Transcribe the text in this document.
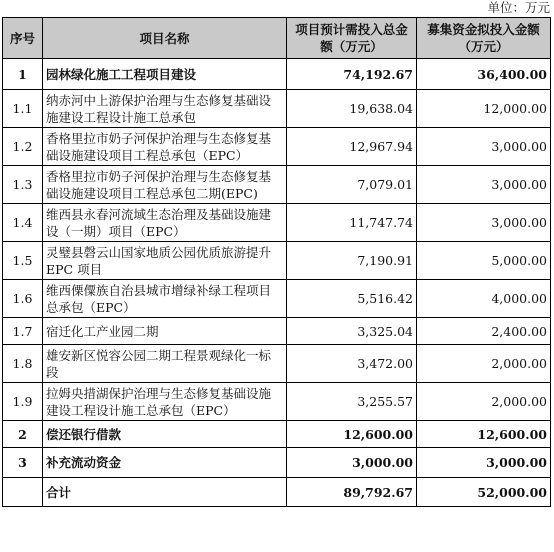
单位：万元
序号	项目名称	项目预计需投入总金额（万元）	募集资金拟投入金额（万元）
1	园林绿化施工工程项目建设	74,192.67	36,400.00
1.1	纳赤河中上游保护治理与生态修复基础设施建设工程设计施工总承包	19,638.04	12,000.00
1.2	香格里拉市奶子河保护治理与生态修复基础设施建设项目工程总承包（EPC）	12,967.94	3,000.00
1.3	香格里拉市奶子河保护治理与生态修复基础设施建设项目工程总承包二期(EPC)	7,079.01	3,000.00
1.4	维西县永春河流域生态治理及基础设施建设（一期）项目（EPC）	11,747.74	3,000.00
1.5	灵璧县磬云山国家地质公园优质旅游提升 EPC 项目	7,190.91	5,000.00
1.6	维西傈僳族自治县城市增绿补绿工程项目总承包（EPC）	5,516.42	4,000.00
1.7	宿迁化工产业园二期	3,325.04	2,400.00
1.8	雄安新区悦容公园二期工程景观绿化一标段	3,472.00	2,000.00
1.9	拉姆央措湖保护治理与生态修复基础设施建设工程设计施工总承包（EPC）	3,255.57	2,000.00
2	偿还银行借款	12,600.00	12,600.00
3	补充流动资金	3,000.00	3,000.00
	合计	89,792.67	52,000.00
